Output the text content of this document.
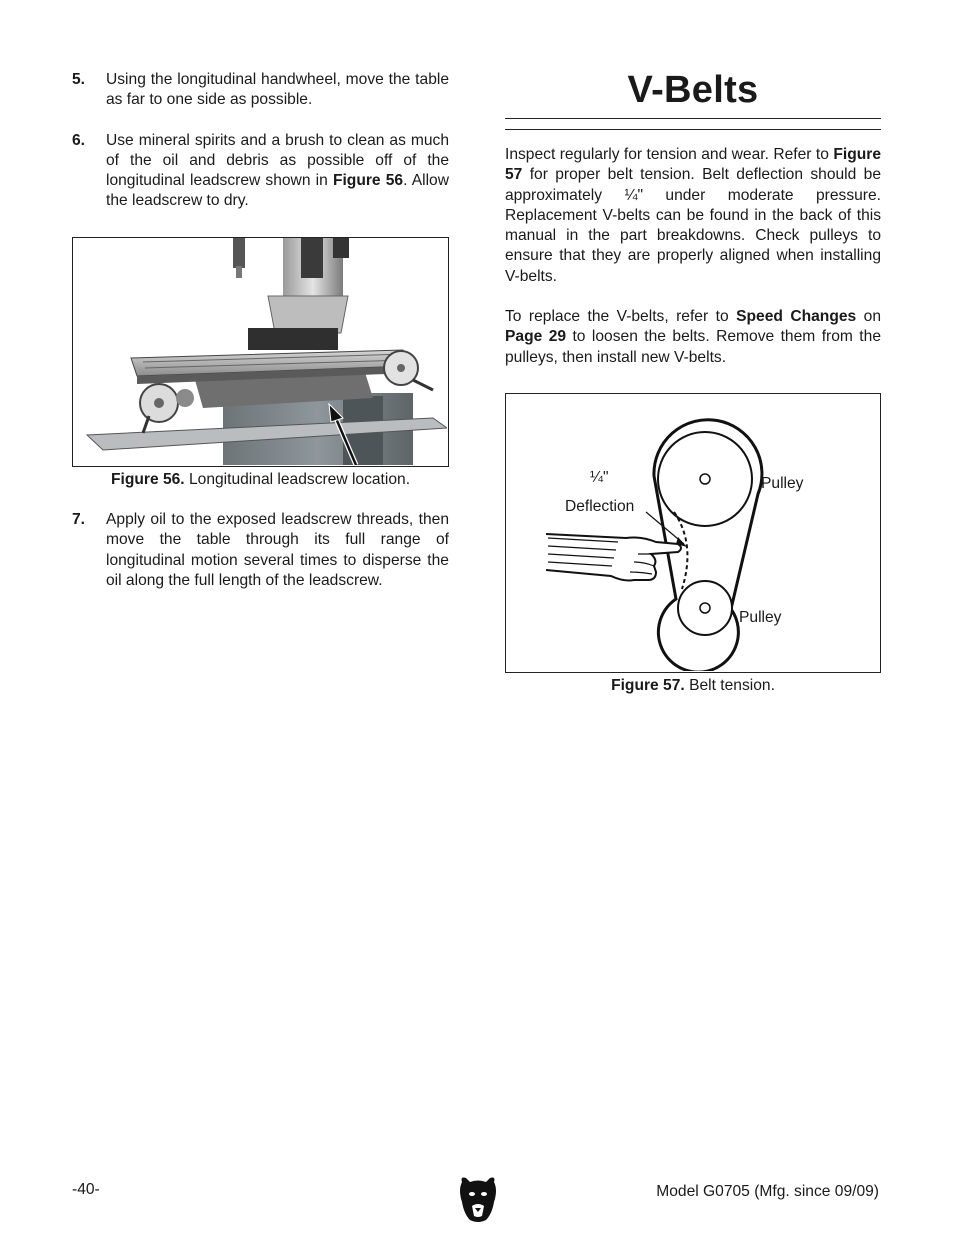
5.	Using the longitudinal handwheel, move the table as far to one side as possible.
6.	Use mineral spirits and a brush to clean as much of the oil and debris as possible off of the longitudinal leadscrew shown in Figure 56. Allow the leadscrew to dry.
Figure 56. Longitudinal leadscrew location.
7.	Apply oil to the exposed leadscrew threads, then move the table through its full range of longitudinal motion several times to disperse the oil along the full length of the leadscrew.
V-Belts
Inspect regularly for tension and wear. Refer to Figure 57 for proper belt tension. Belt deflection should be approximately ¼" under moderate pressure. Replacement V-belts can be found in the back of this manual in the part breakdowns. Check pulleys to ensure that they are properly aligned when installing V-belts.
To replace the V-belts, refer to Speed Changes on Page 29 to loosen the belts. Remove them from the pulleys, then install new V-belts.
¼"
Deflection
Pulley
Pulley
Figure 57. Belt tension.
-40-	Model G0705 (Mfg. since 09/09)
